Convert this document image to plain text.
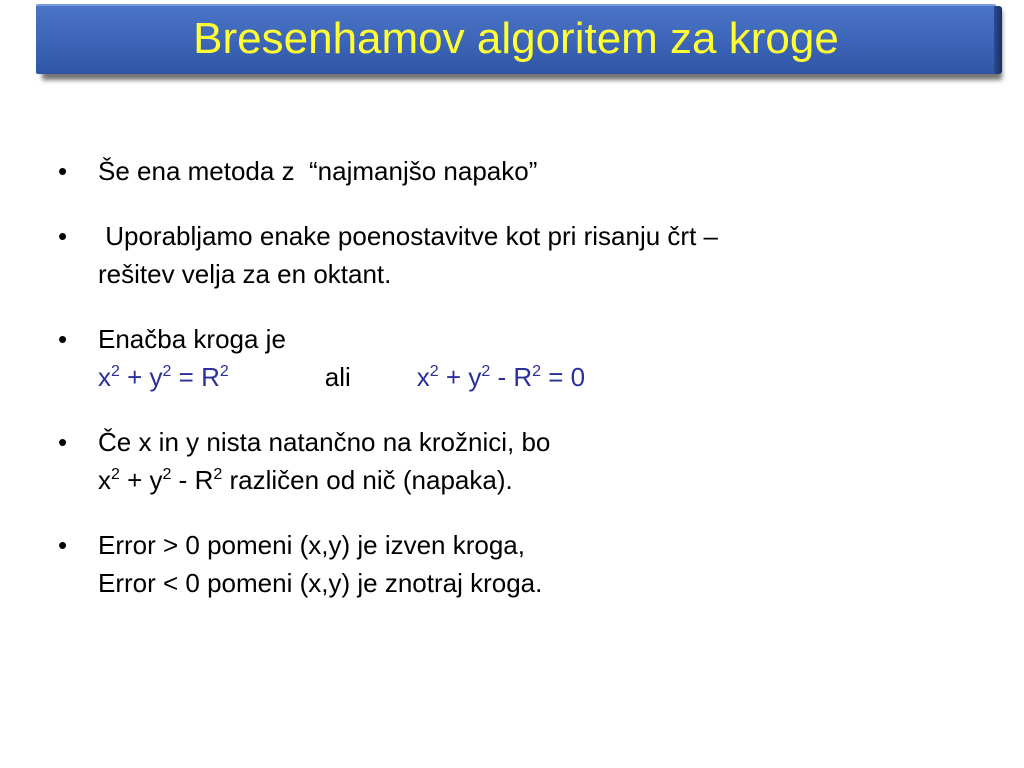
Bresenhamov algoritem za kroge
• Še ena metoda z  “najmanjšo napako”
• Uporabljamo enake poenostavitve kot pri risanju črt –
rešitev velja za en oktant.
• Enačba kroga je
$x^2 + y^2 = R^2$	ali	$x^2 + y^2 - R^2 = 0$
• Če x in y nista natančno na krožnici, bo
$x^2 + y^2 - R^2$ različen od nič (napaka).
• Error > 0 pomeni (x,y) je izven kroga,
Error < 0 pomeni (x,y) je znotraj kroga.
